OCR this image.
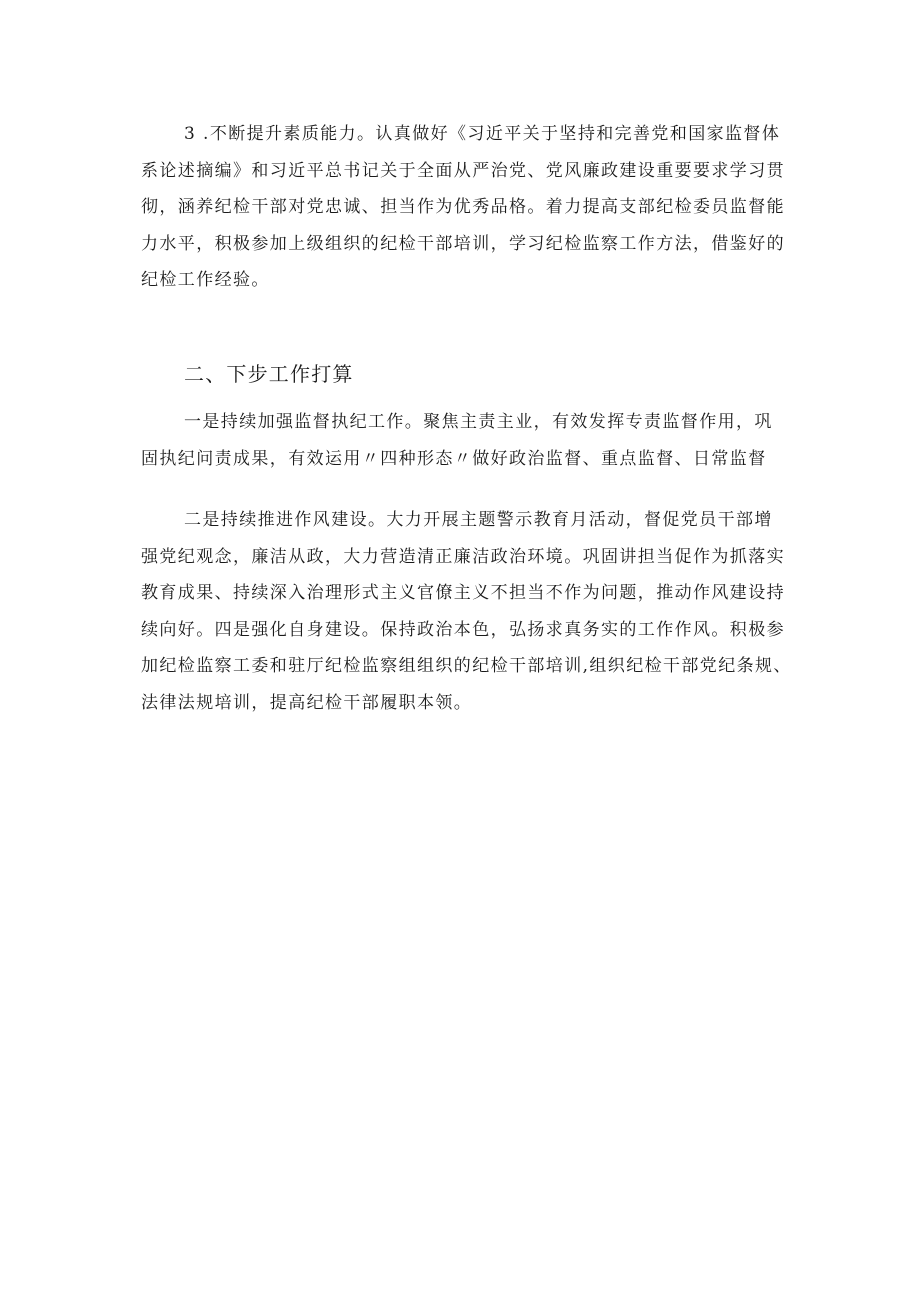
3 .不断提升素质能力。认真做好《习近平关于坚持和完善党和国家监督体
系论述摘编》和习近平总书记关于全面从严治党、党风廉政建设重要要求学习贯
彻，涵养纪检干部对党忠诚、担当作为优秀品格。着力提高支部纪检委员监督能
力水平，积极参加上级组织的纪检干部培训，学习纪检监察工作方法，借鉴好的
纪检工作经验。
二、下步工作打算
一是持续加强监督执纪工作。聚焦主责主业，有效发挥专责监督作用，巩
固执纪问责成果，有效运用〃四种形态〃做好政治监督、重点监督、日常监督
二是持续推进作风建设。大力开展主题警示教育月活动，督促党员干部增
强党纪观念，廉洁从政，大力营造清正廉洁政治环境。巩固讲担当促作为抓落实
教育成果、持续深入治理形式主义官僚主义不担当不作为问题，推动作风建设持
续向好。四是强化自身建设。保持政治本色，弘扬求真务实的工作作风。积极参
加纪检监察工委和驻厅纪检监察组组织的纪检干部培训,组织纪检干部党纪条规、
法律法规培训，提高纪检干部履职本领。
